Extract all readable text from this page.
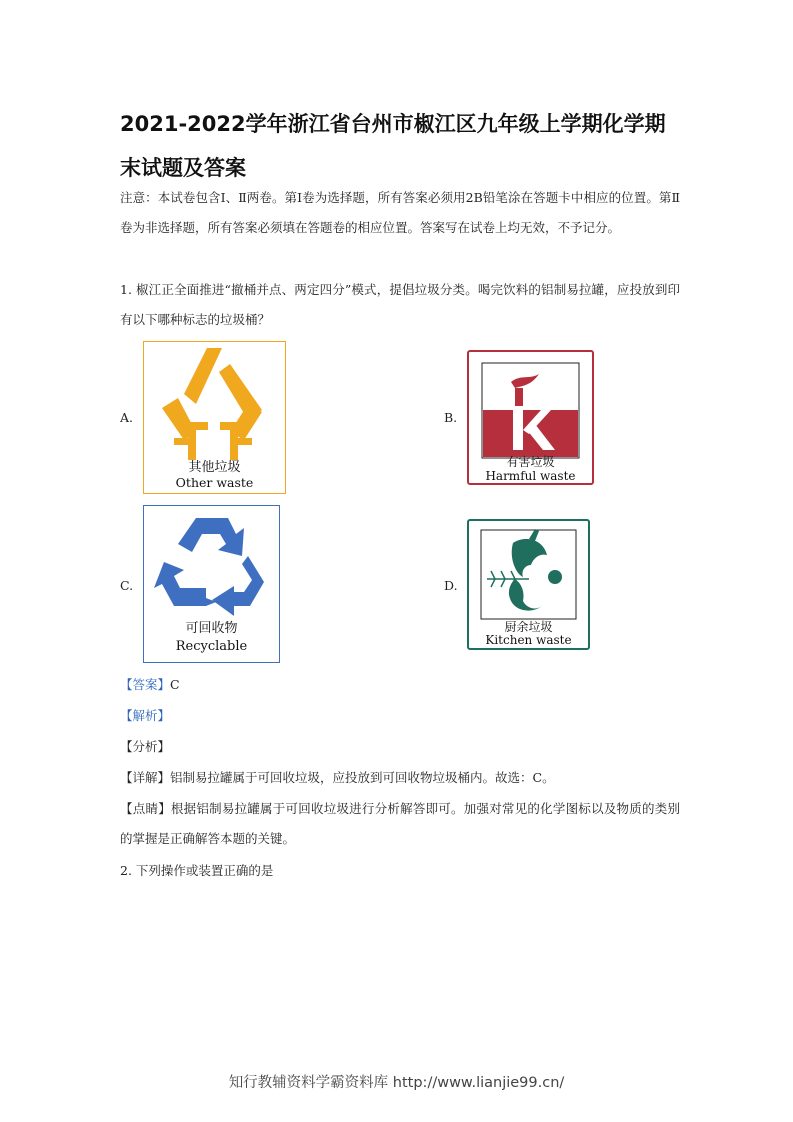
2021-2022学年浙江省台州市椒江区九年级上学期化学期末试题及答案

注意：本试卷包含Ⅰ、Ⅱ两卷。第Ⅰ卷为选择题，所有答案必须用2B铅笔涂在答题卡中相应的位置。第Ⅱ卷为非选择题，所有答案必须填在答题卷的相应位置。答案写在试卷上均无效，不予记分。

1. 椒江正全面推进“撤桶并点、两定四分”模式，提倡垃圾分类。喝完饮料的铝制易拉罐，应投放到印有以下哪种标志的垃圾桶？

A.
其他垃圾
Other waste
B.
有害垃圾
Harmful waste
C.
可回收物
Recyclable
D.
厨余垃圾
Kitchen waste

【答案】C

【解析】

【分析】

【详解】铝制易拉罐属于可回收垃圾，应投放到可回收物垃圾桶内。故选：C。

【点睛】根据铝制易拉罐属于可回收垃圾进行分析解答即可。加强对常见的化学图标以及物质的类别的掌握是正确解答本题的关键。

2. 下列操作或装置正确的是

知行教辅资料学霸资料库 http://www.lianjie99.cn/
